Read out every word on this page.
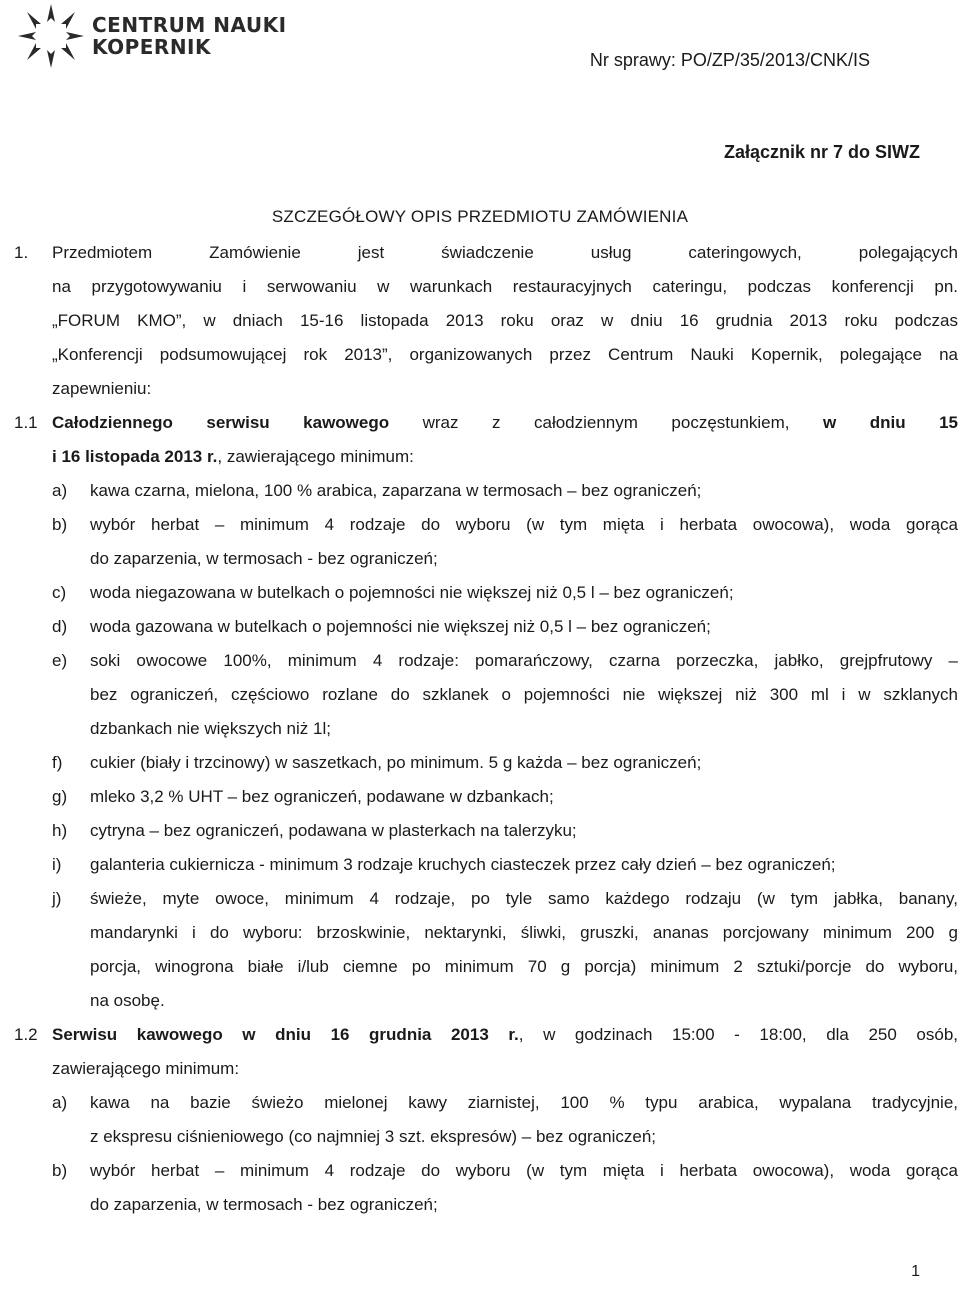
CENTRUM NAUKI
KOPERNIK
Nr sprawy: PO/ZP/35/2013/CNK/IS
Załącznik nr 7 do SIWZ
SZCZEGÓŁOWY OPIS PRZEDMIOTU ZAMÓWIENIA
1. Przedmiotem Zamówienie jest świadczenie usług cateringowych, polegających
na przygotowywaniu i serwowaniu w warunkach restauracyjnych cateringu, podczas konferencji pn.
„FORUM KMO”, w dniach 15-16 listopada 2013 roku oraz w dniu 16 grudnia 2013 roku podczas
„Konferencji podsumowującej rok 2013”, organizowanych przez Centrum Nauki Kopernik, polegające na
zapewnieniu:
1.1 Całodziennego serwisu kawowego wraz z całodziennym poczęstunkiem, w dniu 15
i 16 listopada 2013 r., zawierającego minimum:
a) kawa czarna, mielona, 100 % arabica, zaparzana w termosach – bez ograniczeń;
b) wybór herbat – minimum 4 rodzaje do wyboru (w tym mięta i herbata owocowa), woda gorąca
do zaparzenia, w termosach - bez ograniczeń;
c) woda niegazowana w butelkach o pojemności nie większej niż 0,5 l – bez ograniczeń;
d) woda gazowana w butelkach o pojemności nie większej niż 0,5 l – bez ograniczeń;
e) soki owocowe 100%, minimum 4 rodzaje: pomarańczowy, czarna porzeczka, jabłko, grejpfrutowy –
bez ograniczeń, częściowo rozlane do szklanek o pojemności nie większej niż 300 ml i w szklanych
dzbankach nie większych niż 1l;
f) cukier (biały i trzcinowy) w saszetkach, po minimum. 5 g każda – bez ograniczeń;
g) mleko 3,2 % UHT – bez ograniczeń, podawane w dzbankach;
h) cytryna – bez ograniczeń, podawana w plasterkach na talerzyku;
i) galanteria cukiernicza - minimum 3 rodzaje kruchych ciasteczek przez cały dzień – bez ograniczeń;
j) świeże, myte owoce, minimum 4 rodzaje, po tyle samo każdego rodzaju (w tym jabłka, banany,
mandarynki i do wyboru: brzoskwinie, nektarynki, śliwki, gruszki, ananas porcjowany minimum 200 g
porcja, winogrona białe i/lub ciemne po minimum 70 g porcja) minimum 2 sztuki/porcje do wyboru,
na osobę.
1.2 Serwisu kawowego w dniu 16 grudnia 2013 r., w godzinach 15:00 - 18:00, dla 250 osób,
zawierającego minimum:
a) kawa na bazie świeżo mielonej kawy ziarnistej, 100 % typu arabica, wypalana tradycyjnie,
z ekspresu ciśnieniowego (co najmniej 3 szt. ekspresów) – bez ograniczeń;
b) wybór herbat – minimum 4 rodzaje do wyboru (w tym mięta i herbata owocowa), woda gorąca
do zaparzenia, w termosach - bez ograniczeń;
1
